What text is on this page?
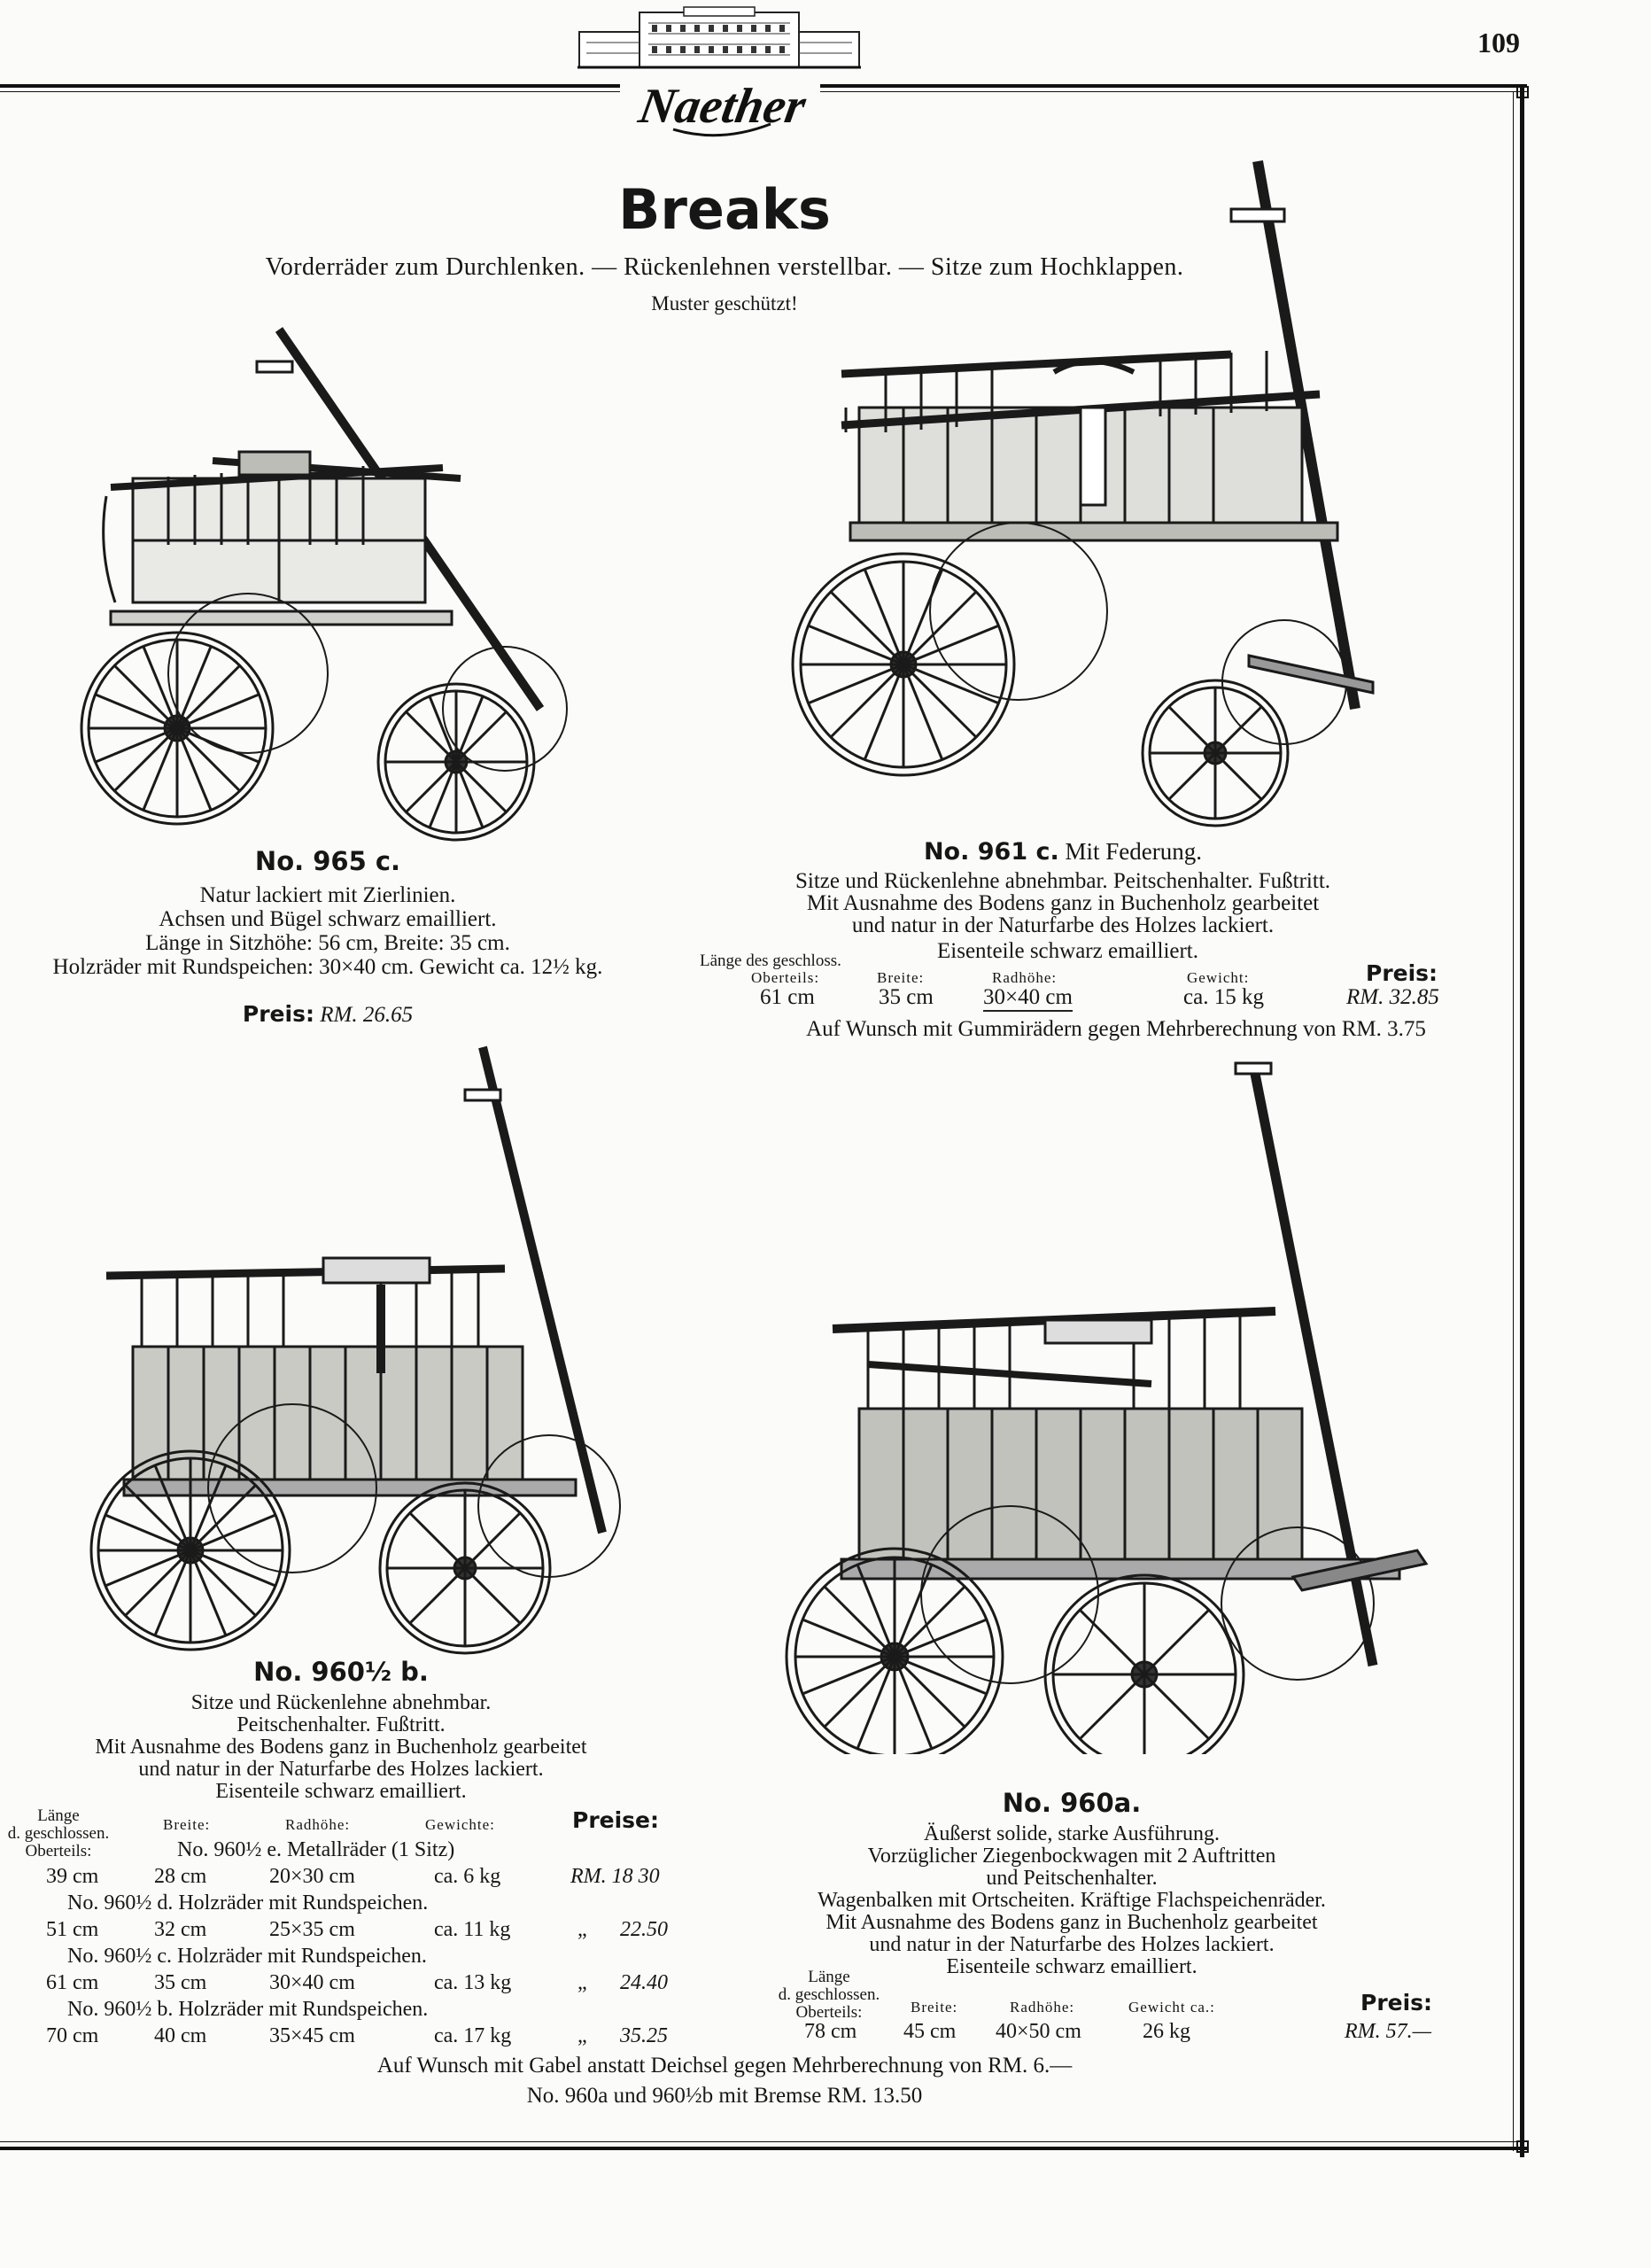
109
Naether
Breaks
Vorderräder zum Durchlenken. — Rückenlehnen verstellbar. — Sitze zum Hochklappen.
Muster geschützt!
No. 965 c.
Natur lackiert mit Zierlinien.
Achsen und Bügel schwarz emailliert.
Länge in Sitzhöhe: 56 cm, Breite: 35 cm.
Holzräder mit Rundspeichen: 30×40 cm. Gewicht ca. 12½ kg.
Preis: RM. 26.65
No. 961 c. Mit Federung.
Sitze und Rückenlehne abnehmbar. Peitschenhalter. Fußtritt.
Mit Ausnahme des Bodens ganz in Buchenholz gearbeitet
und natur in der Naturfarbe des Holzes lackiert.
Länge des geschloss.	Eisenteile schwarz emailliert.
Oberteils:	Breite:	Radhöhe:	Gewicht:	Preis:
61 cm	35 cm 30×40 cm	ca. 15 kg	RM. 32.85
Auf Wunsch mit Gummirädern gegen Mehrberechnung von RM. 3.75
No. 960½ b.
Sitze und Rückenlehne abnehmbar.
Peitschenhalter. Fußtritt.
Mit Ausnahme des Bodens ganz in Buchenholz gearbeitet
und natur in der Naturfarbe des Holzes lackiert.
Eisenteile schwarz emailliert.
Länge
d. geschlossen.
Oberteils:
Breite:	Radhöhe:	Gewichte:	Preise:
No. 960½ e. Metallräder (1 Sitz)
39 cm	28 cm	20×30 cm	ca. 6 kg	RM. 18 30
No. 960½ d. Holzräder mit Rundspeichen.
51 cm	32 cm	25×35 cm	ca. 11 kg	„ 22.50
No. 960½ c. Holzräder mit Rundspeichen.
61 cm	35 cm	30×40 cm	ca. 13 kg	„ 24.40
No. 960½ b. Holzräder mit Rundspeichen.
70 cm	40 cm	35×45 cm	ca. 17 kg	„ 35.25
No. 960a.
Äußerst solide, starke Ausführung.
Vorzüglicher Ziegenbockwagen mit 2 Auftritten
und Peitschenhalter.
Wagenbalken mit Ortscheiten. Kräftige Flachspeichenräder.
Mit Ausnahme des Bodens ganz in Buchenholz gearbeitet
und natur in der Naturfarbe des Holzes lackiert.
Eisenteile schwarz emailliert.
Länge
d. geschlossen.
Oberteils:	Breite:	Radhöhe:	Gewicht ca.:	Preis:
78 cm 45 cm 40×50 cm	26 kg	RM. 57.—
Auf Wunsch mit Gabel anstatt Deichsel gegen Mehrberechnung von RM. 6.—
No. 960a und 960½b mit Bremse RM. 13.50
